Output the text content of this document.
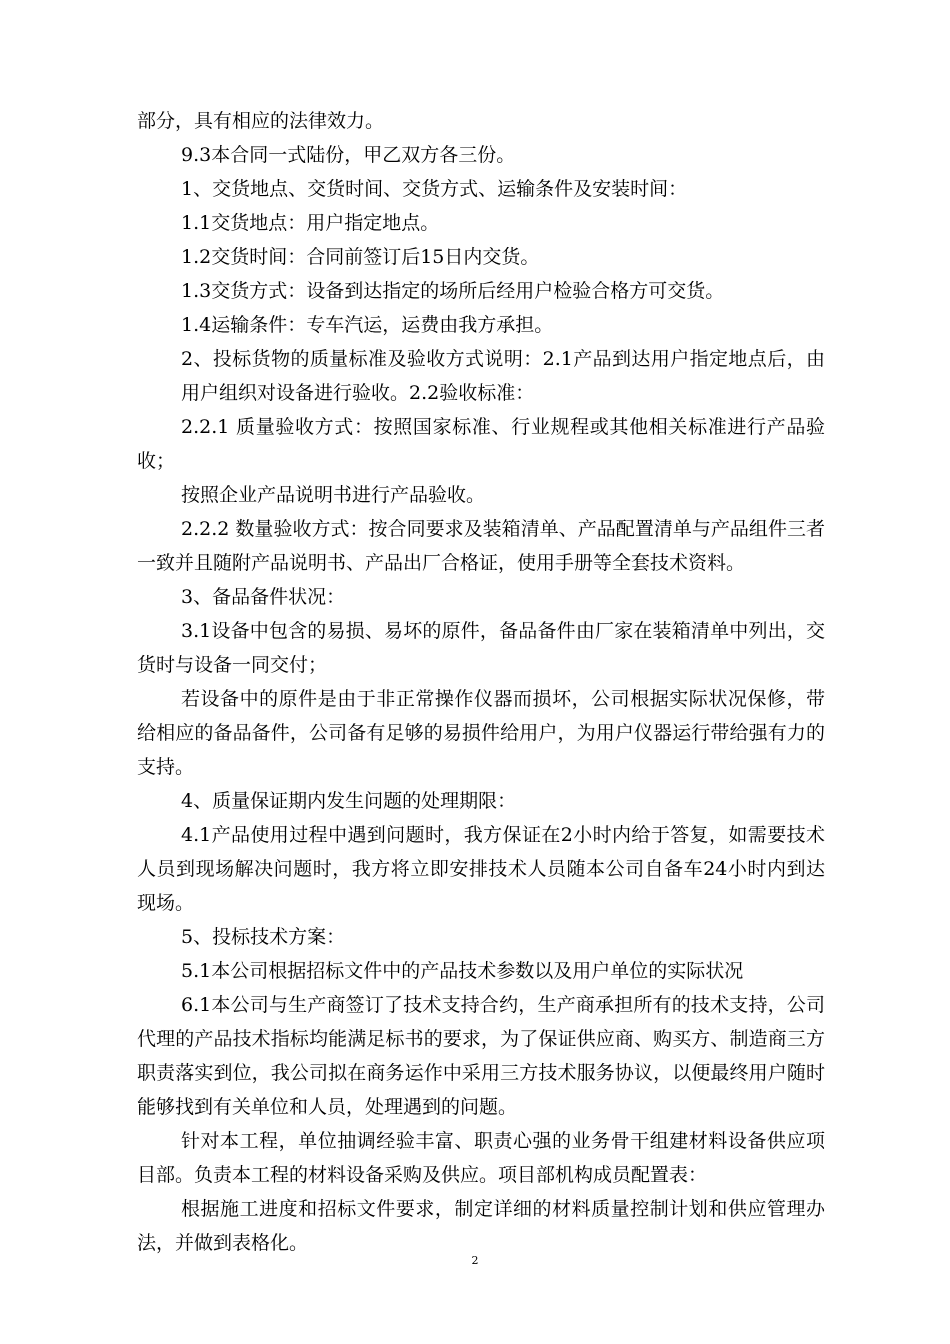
部分，具有相应的法律效力。

9.3本合同一式陆份，甲乙双方各三份。

1、交货地点、交货时间、交货方式、运输条件及安装时间：

1.1交货地点：用户指定地点。

1.2交货时间：合同前签订后15日内交货。

1.3交货方式：设备到达指定的场所后经用户检验合格方可交货。

1.4运输条件：专车汽运，运费由我方承担。

2、投标货物的质量标准及验收方式说明：2.1产品到达用户指定地点后，由用户组织对设备进行验收。2.2验收标准：

2.2.1 质量验收方式：按照国家标准、行业规程或其他相关标准进行产品验收；

按照企业产品说明书进行产品验收。

2.2.2 数量验收方式：按合同要求及装箱清单、产品配置清单与产品组件三者一致并且随附产品说明书、产品出厂合格证，使用手册等全套技术资料。

3、备品备件状况：

3.1设备中包含的易损、易坏的原件，备品备件由厂家在装箱清单中列出，交货时与设备一同交付；

若设备中的原件是由于非正常操作仪器而损坏，公司根据实际状况保修，带给相应的备品备件，公司备有足够的易损件给用户，为用户仪器运行带给强有力的支持。

4、质量保证期内发生问题的处理期限：

4.1产品使用过程中遇到问题时，我方保证在2小时内给于答复，如需要技术人员到现场解决问题时，我方将立即安排技术人员随本公司自备车24小时内到达现场。

5、投标技术方案：

5.1本公司根据招标文件中的产品技术参数以及用户单位的实际状况

6.1本公司与生产商签订了技术支持合约，生产商承担所有的技术支持，公司代理的产品技术指标均能满足标书的要求，为了保证供应商、购买方、制造商三方职责落实到位，我公司拟在商务运作中采用三方技术服务协议，以便最终用户随时能够找到有关单位和人员，处理遇到的问题。

针对本工程，单位抽调经验丰富、职责心强的业务骨干组建材料设备供应项目部。负责本工程的材料设备采购及供应。项目部机构成员配置表：

根据施工进度和招标文件要求，制定详细的材料质量控制计划和供应管理办法，并做到表格化。

2
